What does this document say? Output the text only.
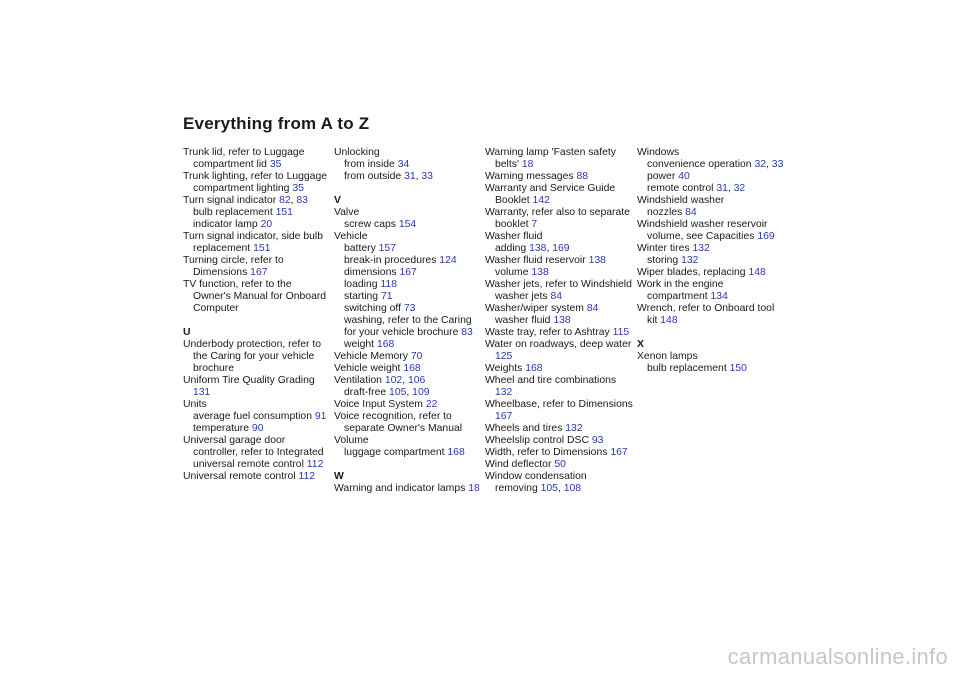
Everything from A to Z
Trunk lid, refer to Luggage compartment lid 35
Trunk lighting, refer to Luggage compartment lighting 35
Turn signal indicator 82, 83
bulb replacement 151
indicator lamp 20
Turn signal indicator, side bulb replacement 151
Turning circle, refer to Dimensions 167
TV function, refer to the Owner's Manual for Onboard Computer
U
Underbody protection, refer to the Caring for your vehicle brochure
Uniform Tire Quality Grading 131
Units
average fuel consumption 91
temperature 90
Universal garage door controller, refer to Integrated universal remote control 112
Universal remote control 112
Unlocking
from inside 34
from outside 31, 33
V
Valve
screw caps 154
Vehicle
battery 157
break-in procedures 124
dimensions 167
loading 118
starting 71
switching off 73
washing, refer to the Caring for your vehicle brochure 83
weight 168
Vehicle Memory 70
Vehicle weight 168
Ventilation 102, 106
draft-free 105, 109
Voice Input System 22
Voice recognition, refer to separate Owner's Manual
Volume
luggage compartment 168
W
Warning and indicator lamps 18
Warning lamp 'Fasten safety belts' 18
Warning messages 88
Warranty and Service Guide Booklet 142
Warranty, refer also to separate booklet 7
Washer fluid
adding 138, 169
Washer fluid reservoir 138
volume 138
Washer jets, refer to Windshield washer jets 84
Washer/wiper system 84
washer fluid 138
Waste tray, refer to Ashtray 115
Water on roadways, deep water 125
Weights 168
Wheel and tire combinations 132
Wheelbase, refer to Dimensions 167
Wheels and tires 132
Wheelslip control DSC 93
Width, refer to Dimensions 167
Wind deflector 50
Window condensation
removing 105, 108
Windows
convenience operation 32, 33
power 40
remote control 31, 32
Windshield washer
nozzles 84
Windshield washer reservoir
volume, see Capacities 169
Winter tires 132
storing 132
Wiper blades, replacing 148
Work in the engine compartment 134
Wrench, refer to Onboard tool kit 148
X
Xenon lamps
bulb replacement 150
carmanualsonline.info
